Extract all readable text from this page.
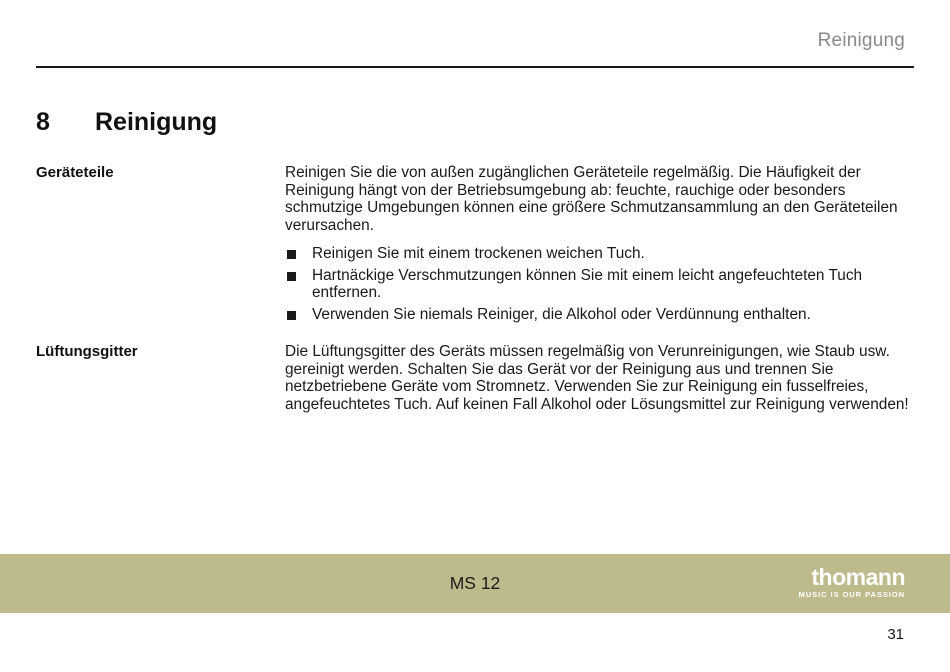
Reinigung
8 Reinigung
Geräteteile	Reinigen Sie die von außen zugänglichen Geräteteile regelmäßig. Die Häufigkeit der Reinigung hängt von der Betriebsumgebung ab: feuchte, rauchige oder besonders schmutzige Umgebungen können eine größere Schmutzansammlung an den Geräteteilen verursachen.

Reinigen Sie mit einem trockenen weichen Tuch.
Hartnäckige Verschmutzungen können Sie mit einem leicht angefeuchteten Tuch entfernen.
Verwenden Sie niemals Reiniger, die Alkohol oder Verdünnung enthalten.
Lüftungsgitter	Die Lüftungsgitter des Geräts müssen regelmäßig von Verunreinigungen, wie Staub usw. gereinigt werden. Schalten Sie das Gerät vor der Reinigung aus und trennen Sie netzbetriebene Geräte vom Stromnetz. Verwenden Sie zur Reinigung ein fusselfreies, angefeuchtetes Tuch. Auf keinen Fall Alkohol oder Lösungsmittel zur Reinigung verwenden!

MS 12	thomann
MUSIC IS OUR PASSION
31
